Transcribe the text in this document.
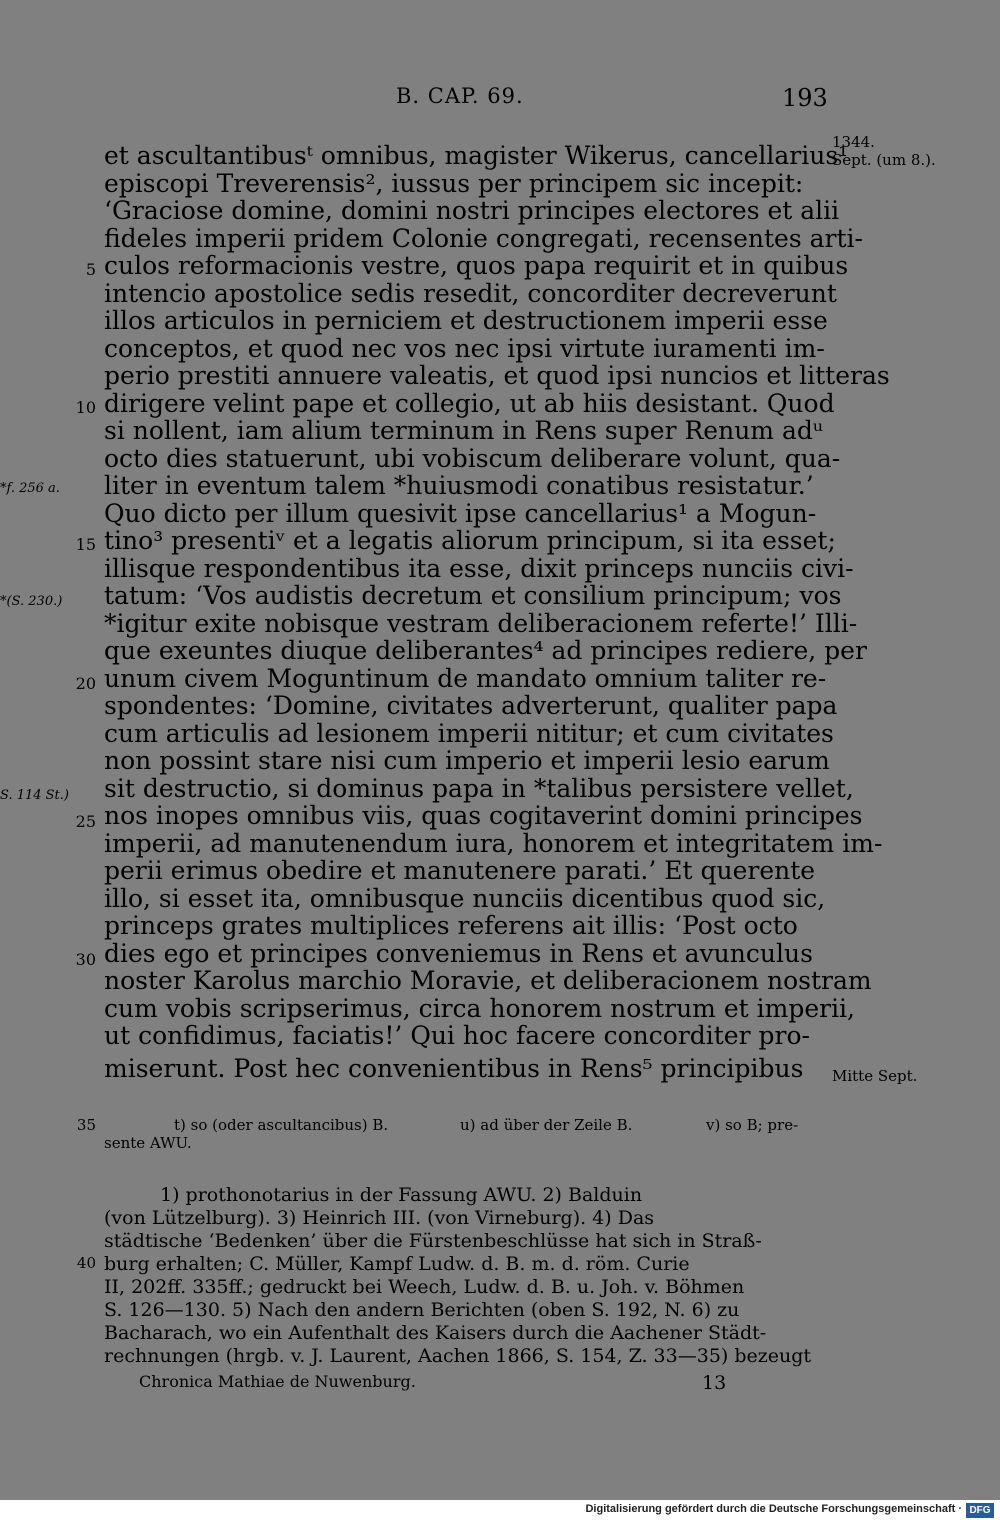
B. CAP. 69.	193
1344.
Sept. (um 8.).
Mitte Sept.
*f. 256 a.
*(S. 230.)
S. 114 St.)
5
10
15
20
25
30
35
40
et ascultantibusᵗ omnibus, magister Wikerus, cancellarius¹
episcopi Treverensis², iussus per principem sic incepit:
‘Graciose domine, domini nostri principes electores et alii
fideles imperii pridem Colonie congregati, recensentes arti-
culos reformacionis vestre, quos papa requirit et in quibus
intencio apostolice sedis resedit, concorditer decreverunt
illos articulos in perniciem et destructionem imperii esse
conceptos, et quod nec vos nec ipsi virtute iuramenti im-
perio prestiti annuere valeatis, et quod ipsi nuncios et litteras
dirigere velint pape et collegio, ut ab hiis desistant. Quod
si nollent, iam alium terminum in Rens super Renum adᵘ
octo dies statuerunt, ubi vobiscum deliberare volunt, qua-
liter in eventum talem *huiusmodi conatibus resistatur.’
Quo dicto per illum quesivit ipse cancellarius¹ a Mogun-
tino³ presentiᵛ et a legatis aliorum principum, si ita esset;
illisque respondentibus ita esse, dixit princeps nunciis civi-
tatum: ‘Vos audistis decretum et consilium principum; vos
*igitur exite nobisque vestram deliberacionem referte!’ Illi-
que exeuntes diuque deliberantes⁴ ad principes rediere, per
unum civem Moguntinum de mandato omnium taliter re-
spondentes: ‘Domine, civitates adverterunt, qualiter papa
cum articulis ad lesionem imperii nititur; et cum civitates
non possint stare nisi cum imperio et imperii lesio earum
sit destructio, si dominus papa in *talibus persistere vellet,
nos inopes omnibus viis, quas cogitaverint domini principes
imperii, ad manutenendum iura, honorem et integritatem im-
perii erimus obedire et manutenere parati.’ Et querente
illo, si esset ita, omnibusque nunciis dicentibus quod sic,
princeps grates multiplices referens ait illis: ‘Post octo
dies ego et principes conveniemus in Rens et avunculus
noster Karolus marchio Moravie, et deliberacionem nostram
cum vobis scripserimus, circa honorem nostrum et imperii,
ut confidimus, faciatis!’ Qui hoc facere concorditer pro-
miserunt. Post hec convenientibus in Rens⁵ principibus
t) so (oder ascultancibus) B.	u) ad über der Zeile B.	v) so B; pre-
sente AWU.
1) prothonotarius in der Fassung AWU. 2) Balduin
(von Lützelburg). 3) Heinrich III. (von Virneburg). 4) Das
städtische ‘Bedenken’ über die Fürstenbeschlüsse hat sich in Straß-
burg erhalten; C. Müller, Kampf Ludw. d. B. m. d. röm. Curie
II, 202ff. 335ff.; gedruckt bei Weech, Ludw. d. B. u. Joh. v. Böhmen
S. 126—130. 5) Nach den andern Berichten (oben S. 192, N. 6) zu
Bacharach, wo ein Aufenthalt des Kaisers durch die Aachener Städt-
rechnungen (hrgb. v. J. Laurent, Aachen 1866, S. 154, Z. 33—35) bezeugt
Chronica Mathiae de Nuwenburg.	13
Digitalisierung gefördert durch die Deutsche Forschungsgemeinschaft · DFG
